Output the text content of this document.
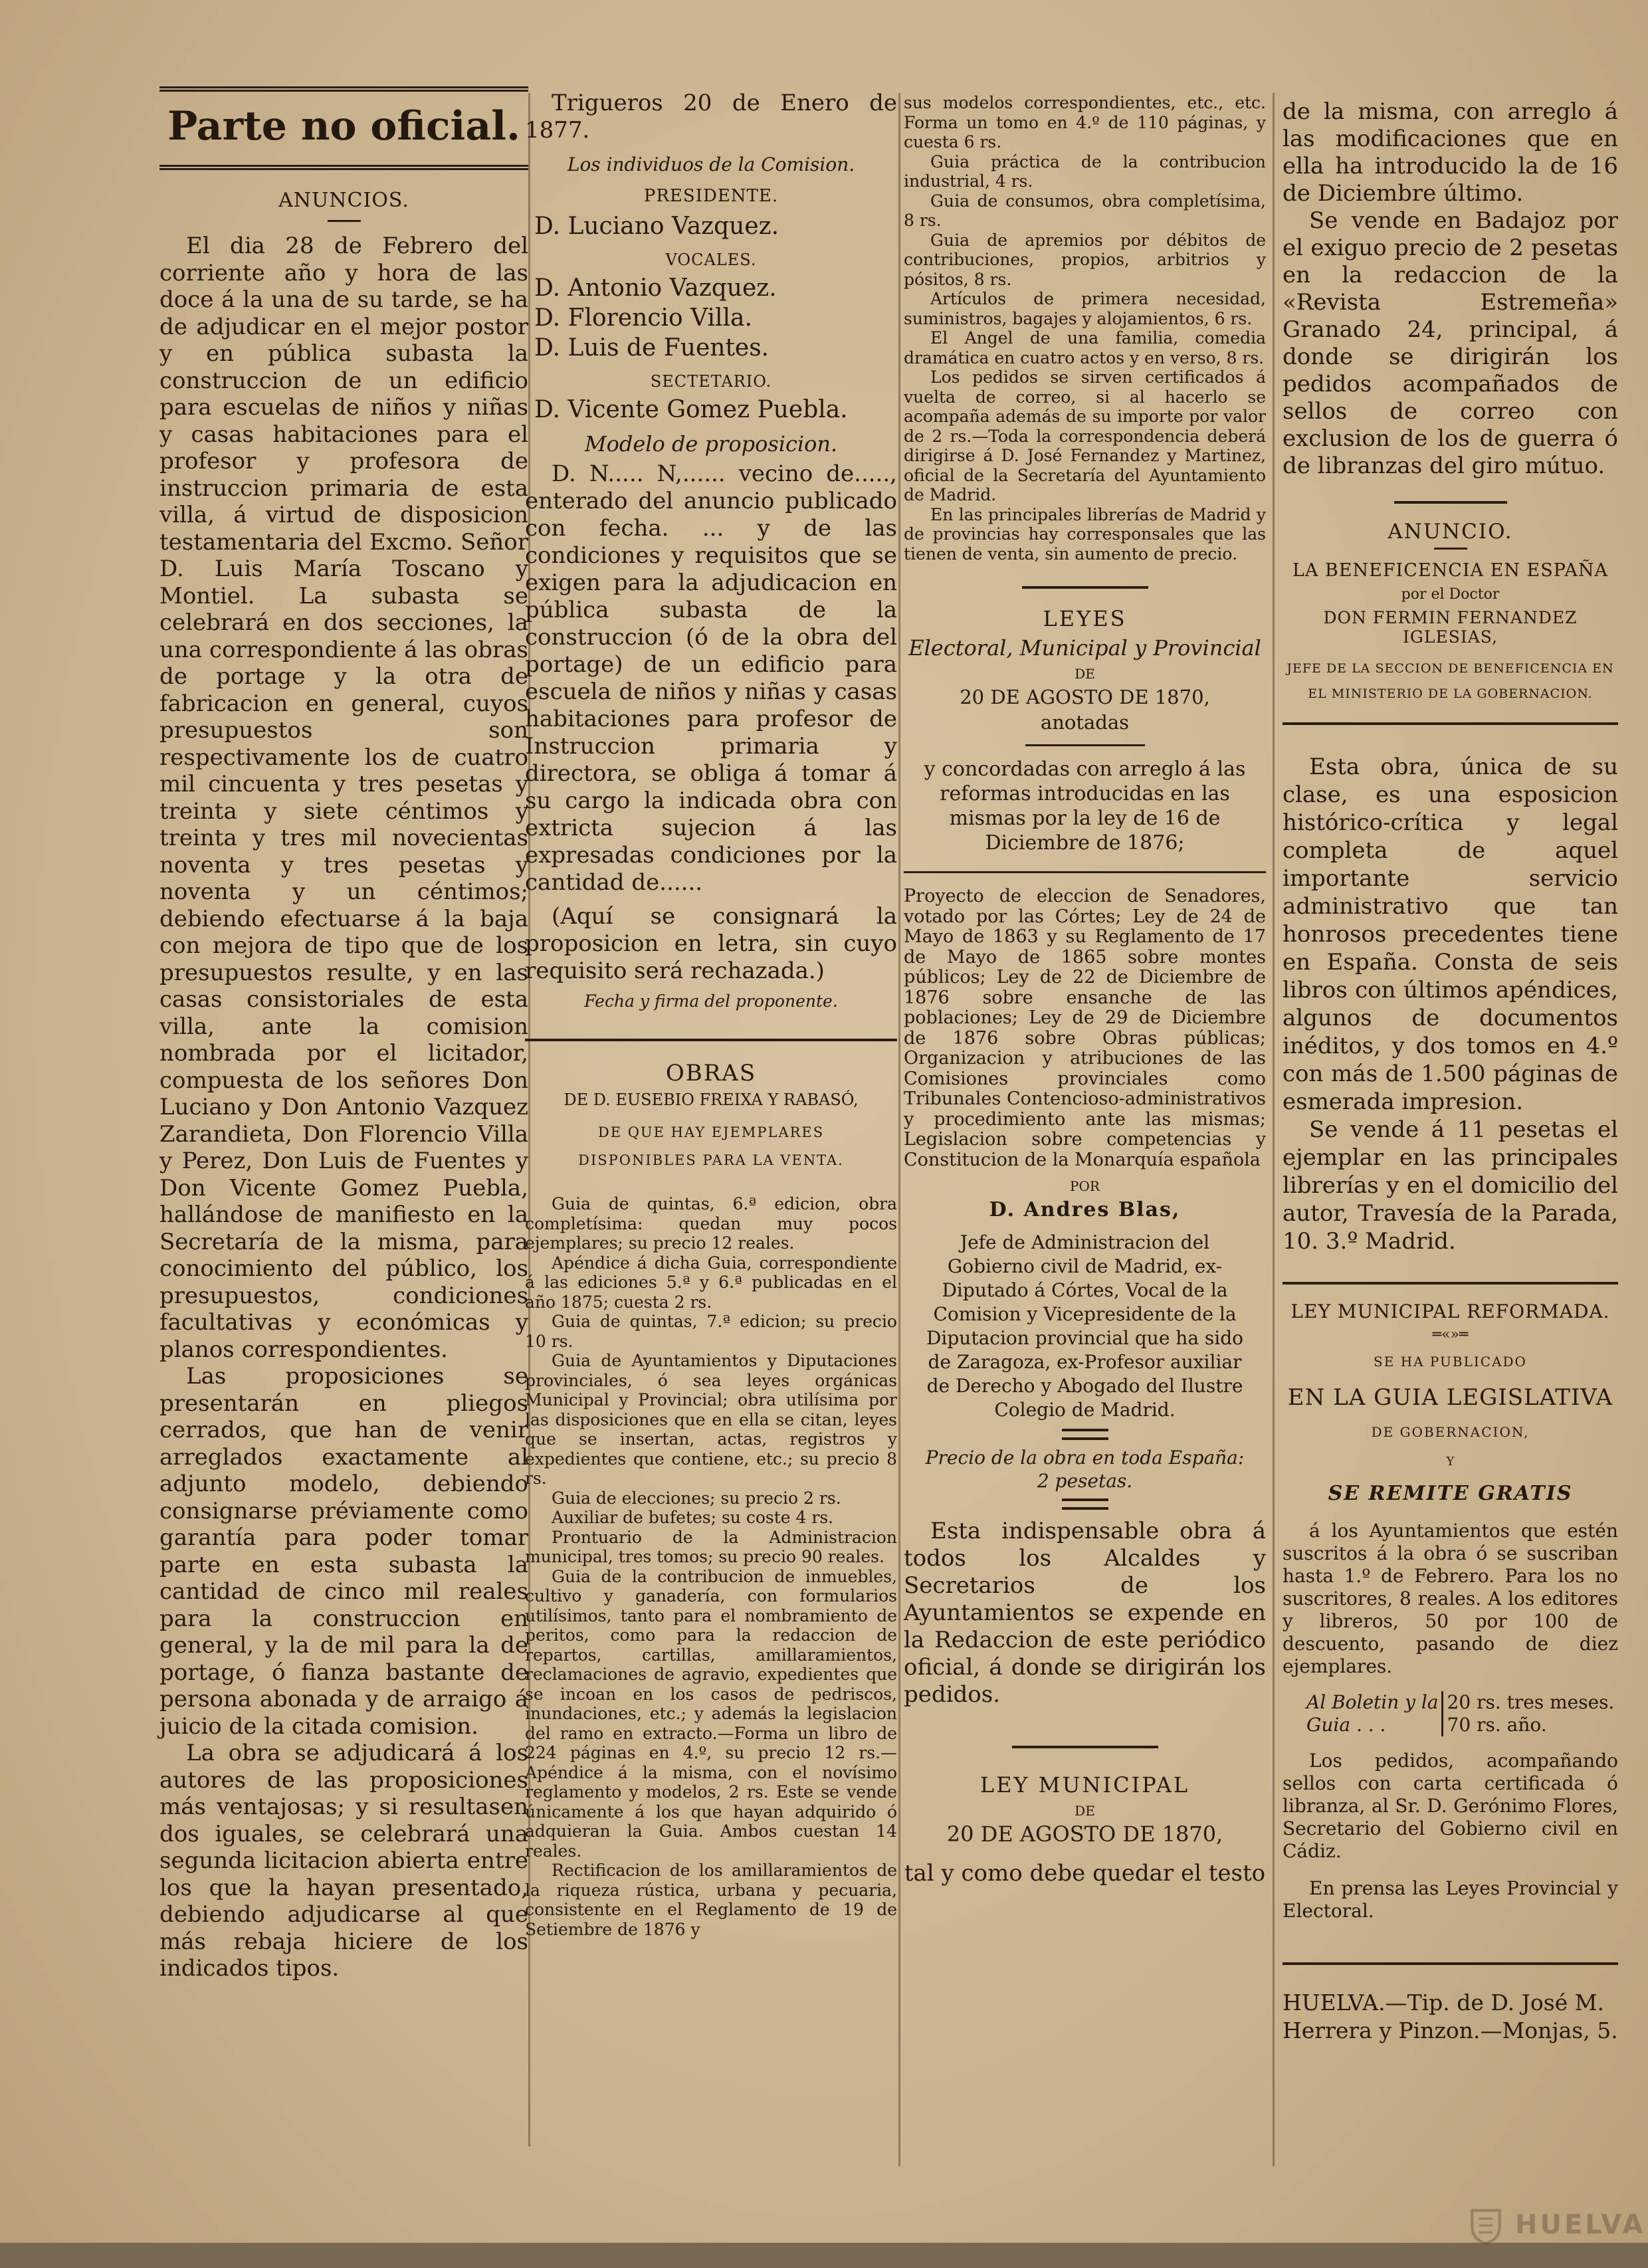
Parte no oficial.
ANUNCIOS.

El dia 28 de Febrero del corriente año y hora de las doce á la una de su tarde, se ha de adjudicar en el mejor postor y en pública subasta la construccion de un edificio para escuelas de niños y niñas y casas habitaciones para el profesor y profesora de instruccion primaria de esta villa, á virtud de disposicion testamentaria del Excmo. Señor D. Luis María Toscano y Montiel. La subasta se celebrará en dos secciones, la una correspondiente á las obras de portage y la otra de fabricacion en general, cuyos presupuestos son respectivamente los de cuatro mil cincuenta y tres pesetas y treinta y siete céntimos y treinta y tres mil novecientas noventa y tres pesetas y noventa y un céntimos; debiendo efectuarse á la baja con mejora de tipo que de los presupuestos resulte, y en las casas consistoriales de esta villa, ante la comision nombrada por el licitador, compuesta de los señores Don Luciano y Don Antonio Vazquez Zarandieta, Don Florencio Villa y Perez, Don Luis de Fuentes y Don Vicente Gomez Puebla, hallándose de manifiesto en la Secretaría de la misma, para conocimiento del público, los presupuestos, condiciones facultativas y económicas y planos correspondientes.

Las proposiciones se presentarán en pliegos cerrados, que han de venir arreglados exactamente al adjunto modelo, debiendo consignarse préviamente como garantía para poder tomar parte en esta subasta la cantidad de cinco mil reales para la construccion en general, y la de mil para la de portage, ó fianza bastante de persona abonada y de arraigo á juicio de la citada comision.

La obra se adjudicará á los autores de las proposiciones más ventajosas; y si resultasen dos iguales, se celebrará una segunda licitacion abierta entre los que la hayan presentado, debiendo adjudicarse al que más rebaja hiciere de los indicados tipos.

Trigueros 20 de Enero de 1877.

Los individuos de la Comision.

PRESIDENTE.

D. Luciano Vazquez.

VOCALES.

D. Antonio Vazquez.

D. Florencio Villa.

D. Luis de Fuentes.

SECTETARIO.

D. Vicente Gomez Puebla.

Modelo de proposicion.

D. N..... N,...... vecino de....., enterado del anuncio publicado con fecha. ... y de las condiciones y requisitos que se exigen para la adjudicacion en pública subasta de la construccion (ó de la obra del portage) de un edificio para escuela de niños y niñas y casas habitaciones para profesor de Instruccion primaria y directora, se obliga á tomar á su cargo la indicada obra con extricta sujecion á las expresadas condiciones por la cantidad de......

(Aquí se consignará la proposicion en letra, sin cuyo requisito será rechazada.)

Fecha y firma del proponente.

OBRAS
DE D. EUSEBIO FREIXA Y RABASÓ,
DE QUE HAY EJEMPLARES DISPONIBLES PARA LA VENTA.

Guia de quintas, 6.ª edicion, obra completísima: quedan muy pocos ejemplares; su precio 12 reales.

Apéndice á dicha Guia, correspondiente á las ediciones 5.ª y 6.ª publicadas en el año 1875; cuesta 2 rs.

Guia de quintas, 7.ª edicion; su precio 10 rs.

Guia de Ayuntamientos y Diputaciones provinciales, ó sea leyes orgánicas Municipal y Provincial; obra utilísima por las disposiciones que en ella se citan, leyes que se insertan, actas, registros y expedientes que contiene, etc.; su precio 8 rs.

Guia de elecciones; su precio 2 rs.

Auxiliar de bufetes; su coste 4 rs.

Prontuario de la Administracion municipal, tres tomos; su precio 90 reales.

Guia de la contribucion de inmuebles, cultivo y ganadería, con formularios utilísimos, tanto para el nombramiento de peritos, como para la redaccion de repartos, cartillas, amillaramientos, reclamaciones de agravio, expedientes que se incoan en los casos de pedriscos, inundaciones, etc.; y además la legislacion del ramo en extracto.—Forma un libro de 224 páginas en 4.º, su precio 12 rs.—Apéndice á la misma, con el novísimo reglamento y modelos, 2 rs. Este se vende únicamente á los que hayan adquirido ó adquieran la Guia. Ambos cuestan 14 reales.

Rectificacion de los amillaramientos de la riqueza rústica, urbana y pecuaria, consistente en el Reglamento de 19 de Setiembre de 1876 y

sus modelos correspondientes, etc., etc. Forma un tomo en 4.º de 110 páginas, y cuesta 6 rs.

Guia práctica de la contribucion industrial, 4 rs.

Guia de consumos, obra completísima, 8 rs.

Guia de apremios por débitos de contribuciones, propios, arbitrios y pósitos, 8 rs.

Artículos de primera necesidad, suministros, bagajes y alojamientos, 6 rs.

El Angel de una familia, comedia dramática en cuatro actos y en verso, 8 rs.

Los pedidos se sirven certificados á vuelta de correo, si al hacerlo se acompaña además de su importe por valor de 2 rs.—Toda la correspondencia deberá dirigirse á D. José Fernandez y Martinez, oficial de la Secretaría del Ayuntamiento de Madrid.

En las principales librerías de Madrid y de provincias hay corresponsales que las tienen de venta, sin aumento de precio.

LEYES
Electoral, Municipal y Provincial
DE
20 DE AGOSTO DE 1870,
anotadas

y concordadas con arreglo á las reformas introducidas en las mismas por la ley de 16 de Diciembre de 1876;

Proyecto de eleccion de Senadores, votado por las Córtes; Ley de 24 de Mayo de 1863 y su Reglamento de 17 de Mayo de 1865 sobre montes públicos; Ley de 22 de Diciembre de 1876 sobre ensanche de las poblaciones; Ley de 29 de Diciembre de 1876 sobre Obras públicas; Organizacion y atribuciones de las Comisiones provinciales como Tribunales Contencioso-administrativos y procedimiento ante las mismas; Legislacion sobre competencias y Constitucion de la Monarquía española

POR
D. Andres Blas,

Jefe de Administracion del Gobierno civil de Madrid, ex-Diputado á Córtes, Vocal de la Comision y Vicepresidente de la Diputacion provincial que ha sido de Zaragoza, ex-Profesor auxiliar de Derecho y Abogado del Ilustre Colegio de Madrid.

Precio de la obra en toda España:
2 pesetas.

Esta indispensable obra á todos los Alcaldes y Secretarios de los Ayuntamientos se expende en la Redaccion de este periódico oficial, á donde se dirigirán los pedidos.

LEY MUNICIPAL
DE
20 DE AGOSTO DE 1870,

tal y como debe quedar el testo

de la misma, con arreglo á las modificaciones que en ella ha introducido la de 16 de Diciembre último.

Se vende en Badajoz por el exiguo precio de 2 pesetas en la redaccion de la «Revista Estremeña» Granado 24, principal, á donde se dirigirán los pedidos acompañados de sellos de correo con exclusion de los de guerra ó de libranzas del giro mútuo.

ANUNCIO.
LA BENEFICENCIA EN ESPAÑA
por el Doctor
DON FERMIN FERNANDEZ IGLESIAS,
JEFE DE LA SECCION DE BENEFICENCIA EN EL MINISTERIO DE LA GOBERNACION.

Esta obra, única de su clase, es una esposicion histórico-crítica y legal completa de aquel importante servicio administrativo que tan honrosos precedentes tiene en España. Consta de seis libros con últimos apéndices, algunos de documentos inéditos, y dos tomos en 4.º con más de 1.500 páginas de esmerada impresion.

Se vende á 11 pesetas el ejemplar en las principales librerías y en el domicilio del autor, Travesía de la Parada, 10. 3.º Madrid.

LEY MUNICIPAL REFORMADA.
═«»═
SE HA PUBLICADO
EN LA GUIA LEGISLATIVA
DE GOBERNACION,
Y
SE REMITE GRATIS

á los Ayuntamientos que estén suscritos á la obra ó se suscriban hasta 1.º de Febrero. Para los no suscritores, 8 reales. A los editores y libreros, 50 por 100 de descuento, pasando de diez ejemplares.

Al Boletin y la
Guia . . .
20 rs. tres meses.
70 rs. año.

Los pedidos, acompañando sellos con carta certificada ó libranza, al Sr. D. Gerónimo Flores, Secretario del Gobierno civil en Cádiz.

En prensa las Leyes Provincial y Electoral.

HUELVA.—Tip. de D. José M. Herrera y Pinzon.—Monjas, 5.

HUELVA
